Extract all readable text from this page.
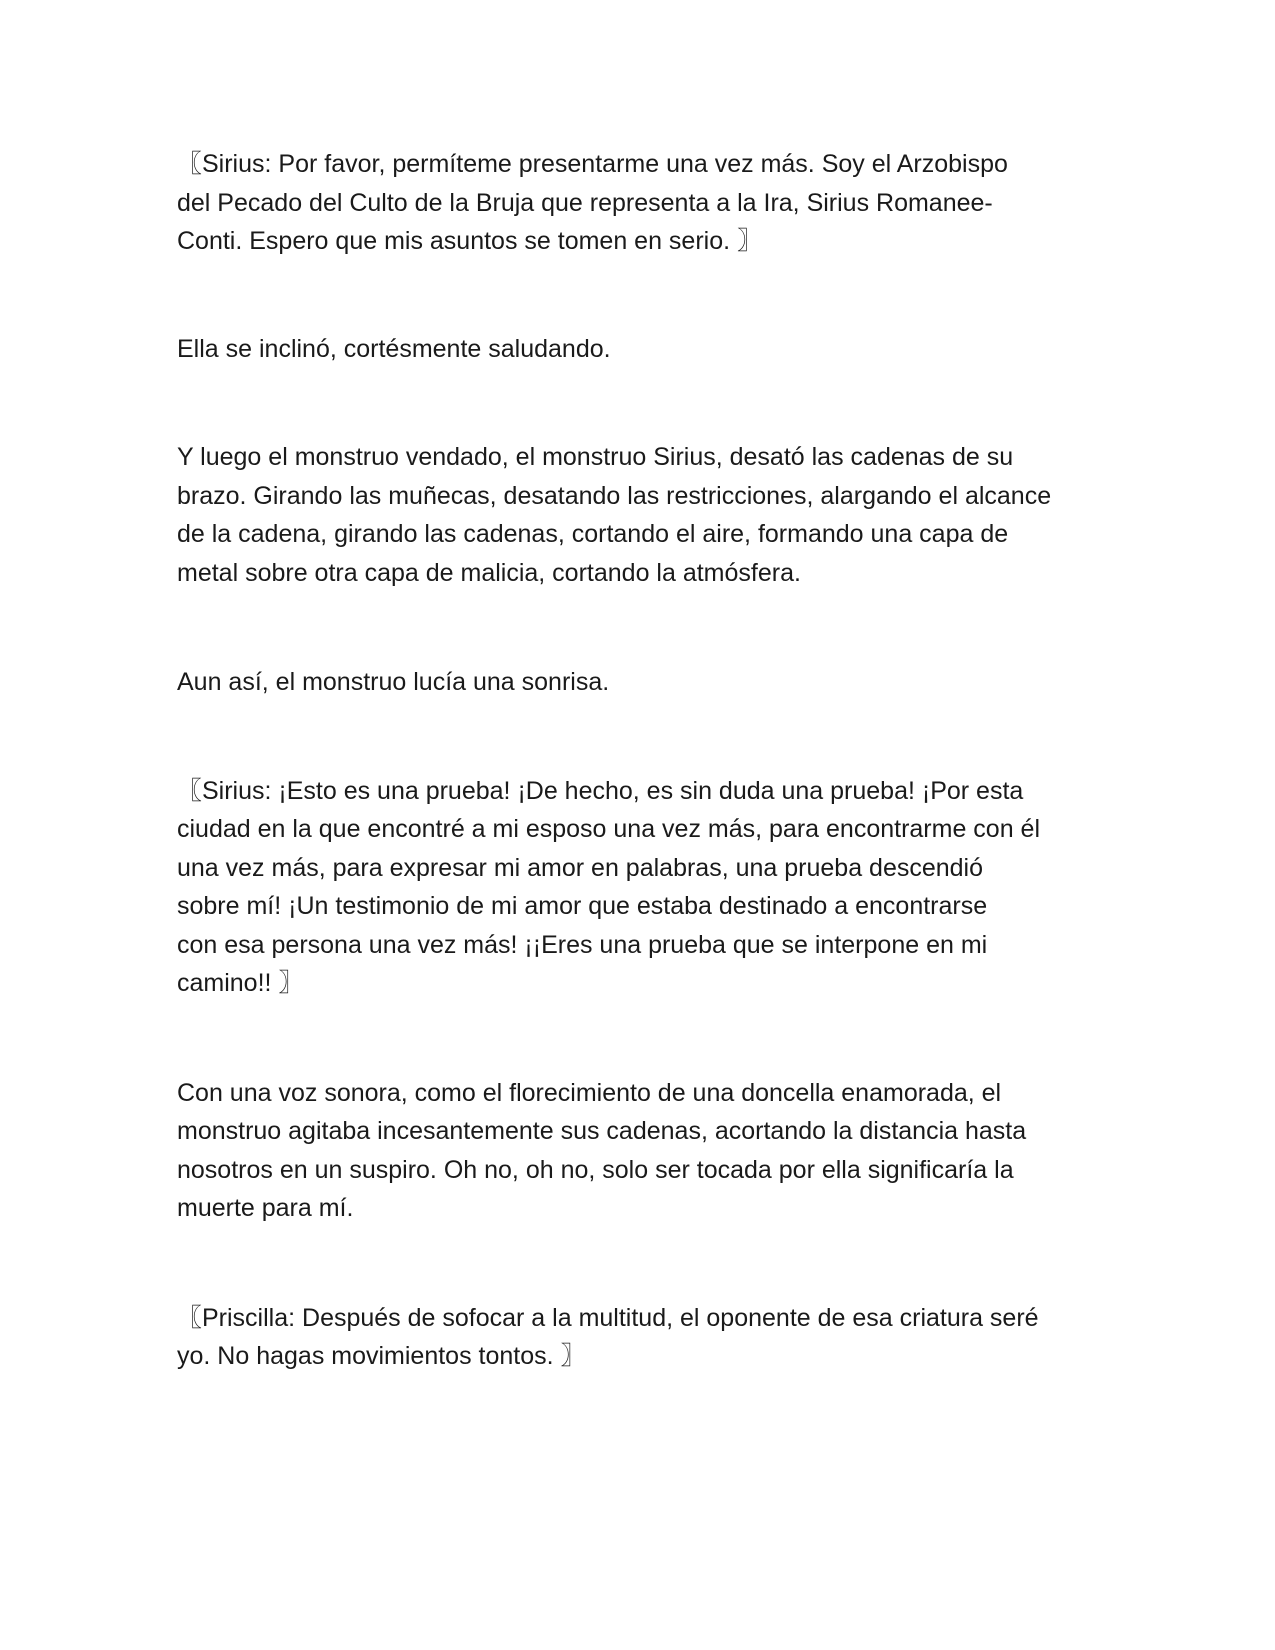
〖Sirius: Por favor, permíteme presentarme una vez más. Soy el Arzobispo
del Pecado del Culto de la Bruja que representa a la Ira, Sirius Romanee-
Conti. Espero que mis asuntos se tomen en serio. 〗

Ella se inclinó, cortésmente saludando.

Y luego el monstruo vendado, el monstruo Sirius, desató las cadenas de su
brazo. Girando las muñecas, desatando las restricciones, alargando el alcance
de la cadena, girando las cadenas, cortando el aire, formando una capa de
metal sobre otra capa de malicia, cortando la atmósfera.

Aun así, el monstruo lucía una sonrisa.

〖Sirius: ¡Esto es una prueba! ¡De hecho, es sin duda una prueba! ¡Por esta
ciudad en la que encontré a mi esposo una vez más, para encontrarme con él
una vez más, para expresar mi amor en palabras, una prueba descendió
sobre mí! ¡Un testimonio de mi amor que estaba destinado a encontrarse
con esa persona una vez más! ¡¡Eres una prueba que se interpone en mi
camino!! 〗

Con una voz sonora, como el florecimiento de una doncella enamorada, el
monstruo agitaba incesantemente sus cadenas, acortando la distancia hasta
nosotros en un suspiro. Oh no, oh no, solo ser tocada por ella significaría la
muerte para mí.

〖Priscilla: Después de sofocar a la multitud, el oponente de esa criatura seré
yo. No hagas movimientos tontos. 〗
